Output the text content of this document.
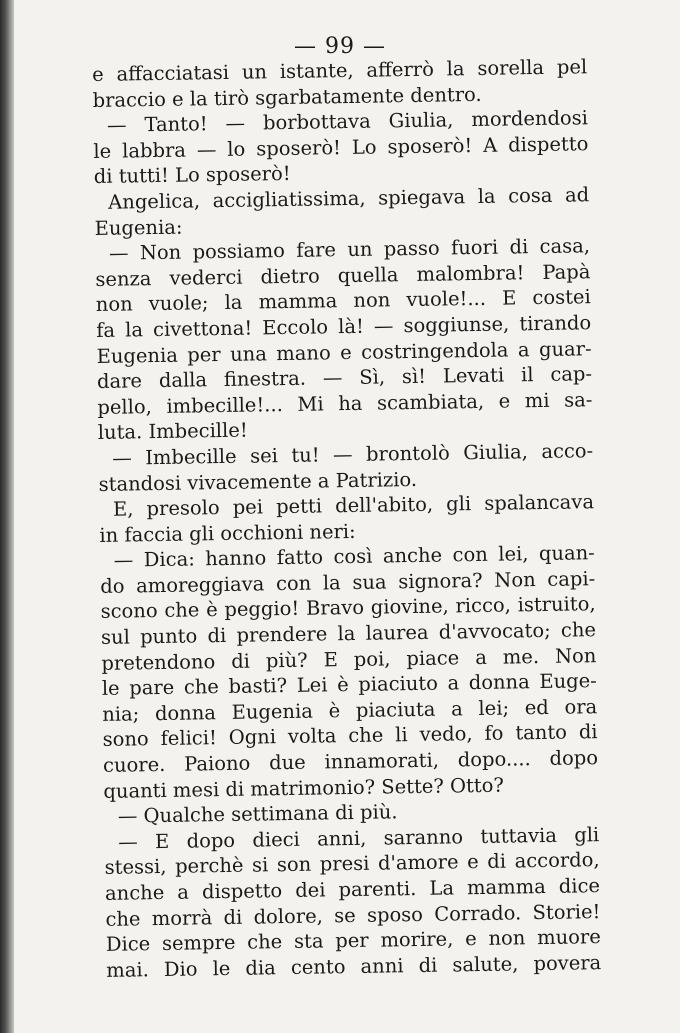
— 99 —
e affacciatasi un istante, afferrò la sorella pel
braccio e la tirò sgarbatamente dentro.
— Tanto! — borbottava Giulia, mordendosi
le labbra — lo sposerò! Lo sposerò! A dispetto
di tutti! Lo sposerò!
Angelica, accigliatissima, spiegava la cosa ad
Eugenia:
— Non possiamo fare un passo fuori di casa,
senza vederci dietro quella malombra! Papà
non vuole; la mamma non vuole!... E costei
fa la civettona! Eccolo là! — soggiunse, tirando
Eugenia per una mano e costringendola a guar-
dare dalla finestra. — Sì, sì! Levati il cap-
pello, imbecille!... Mi ha scambiata, e mi sa-
luta. Imbecille!
— Imbecille sei tu! — brontolò Giulia, acco-
standosi vivacemente a Patrizio.
E, presolo pei petti dell'abito, gli spalancava
in faccia gli occhioni neri:
— Dica: hanno fatto così anche con lei, quan-
do amoreggiava con la sua signora? Non capi-
scono che è peggio! Bravo giovine, ricco, istruito,
sul punto di prendere la laurea d'avvocato; che
pretendono di più? E poi, piace a me. Non
le pare che basti? Lei è piaciuto a donna Euge-
nia; donna Eugenia è piaciuta a lei; ed ora
sono felici! Ogni volta che li vedo, fo tanto di
cuore. Paiono due innamorati, dopo.... dopo
quanti mesi di matrimonio? Sette? Otto?
— Qualche settimana di più.
— E dopo dieci anni, saranno tuttavia gli
stessi, perchè si son presi d'amore e di accordo,
anche a dispetto dei parenti. La mamma dice
che morrà di dolore, se sposo Corrado. Storie!
Dice sempre che sta per morire, e non muore
mai. Dio le dia cento anni di salute, povera
